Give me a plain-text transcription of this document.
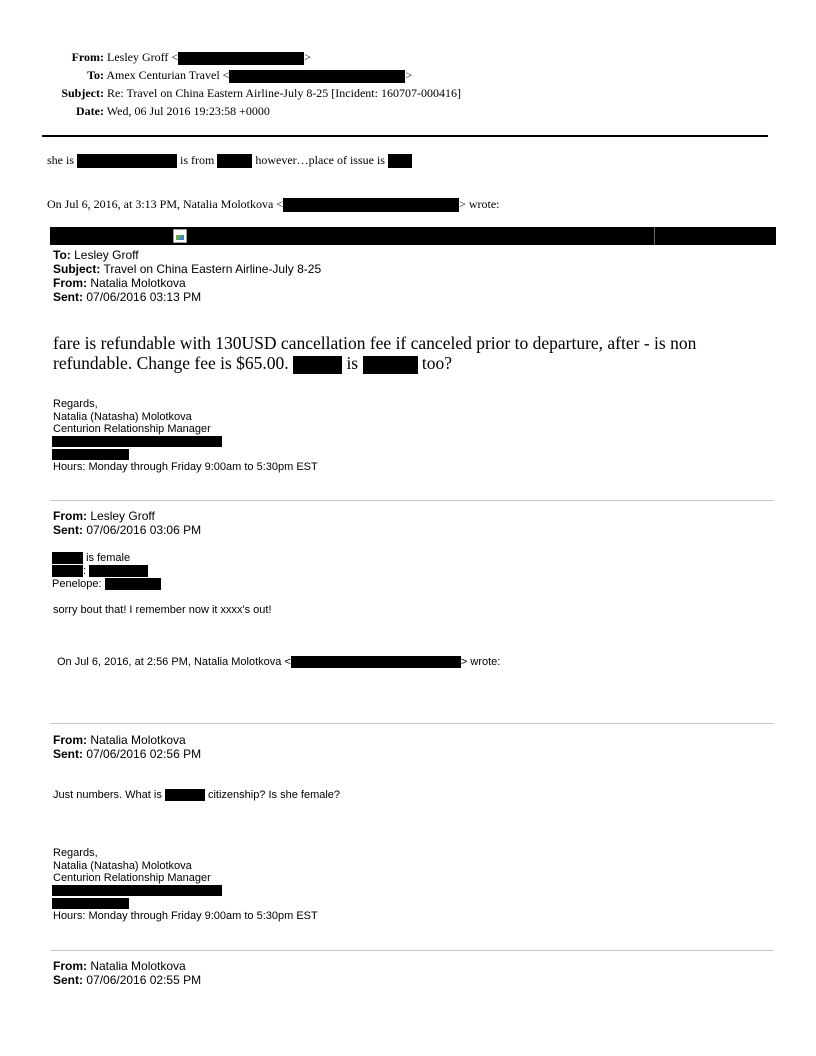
From: Lesley Groff <	>
To: Amex Centurian Travel <	>
Subject: Re: Travel on China Eastern Airline-July 8-25 [Incident: 160707-000416]
Date: Wed, 06 Jul 2016 19:23:58 +0000
she is	is from	however…place of issue is
On Jul 6, 2016, at 3:13 PM, Natalia Molotkova <	> wrote:
To: Lesley Groff
Subject: Travel on China Eastern Airline-July 8-25
From: Natalia Molotkova
Sent: 07/06/2016 03:13 PM
fare is refundable with 130USD cancellation fee if canceled prior to departure, after - is non
refundable. Change fee is $65.00.	is	too?
Regards,
Natalia (Natasha) Molotkova
Centurion Relationship Manager
Hours: Monday through Friday 9:00am to 5:30pm EST
From: Lesley Groff
Sent: 07/06/2016 03:06 PM
is female
:
Penelope:
sorry bout that! I remember now it xxxx's out!
On Jul 6, 2016, at 2:56 PM, Natalia Molotkova <	> wrote:
From: Natalia Molotkova
Sent: 07/06/2016 02:56 PM
Just numbers. What is	citizenship? Is she female?
Regards,
Natalia (Natasha) Molotkova
Centurion Relationship Manager
Hours: Monday through Friday 9:00am to 5:30pm EST
From: Natalia Molotkova
Sent: 07/06/2016 02:55 PM
